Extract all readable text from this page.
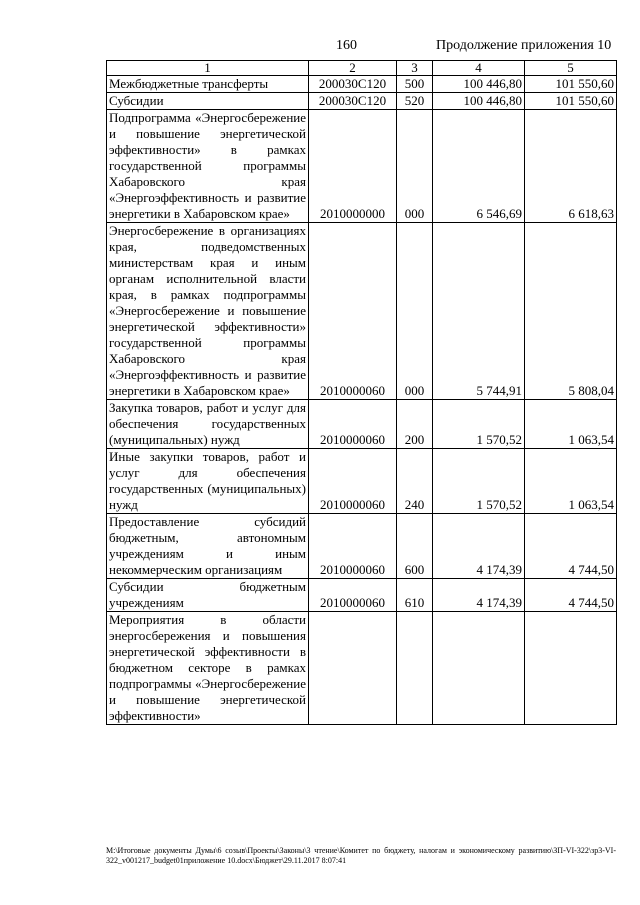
160	Продолжение приложения 10
1	2	3	4	5
Межбюджетные трансферты	200030С120	500	100 446,80	101 550,60
Субсидии	200030С120	520	100 446,80	101 550,60
Подпрограмма «Энергосбережение и повышение энергетической эффективности» в рамках государственной программы Хабаровского края «Энергоэффективность и развитие энергетики в Хабаровском крае»	2010000000	000	6 546,69	6 618,63
Энергосбережение в организациях края, подведомственных министерствам края и иным органам исполнительной власти края, в рамках подпрограммы «Энергосбережение и повышение энергетической эффективности» государственной программы Хабаровского края «Энергоэффективность и развитие энергетики в Хабаровском крае»	2010000060	000	5 744,91	5 808,04
Закупка товаров, работ и услуг для обеспечения государственных (муниципальных) нужд	2010000060	200	1 570,52	1 063,54
Иные закупки товаров, работ и услуг для обеспечения государственных (муниципальных) нужд	2010000060	240	1 570,52	1 063,54
Предоставление субсидий бюджетным, автономным учреждениям и иным некоммерческим организациям	2010000060	600	4 174,39	4 744,50
Субсидии бюджетным учреждениям	2010000060	610	4 174,39	4 744,50
Мероприятия в области энергосбережения и повышения энергетической эффективности в бюджетном секторе в рамках подпрограммы «Энергосбережение и повышение энергетической эффективности»				
M:\Итоговые документы Думы\6 созыв\Проекты\Законы\3 чтение\Комитет по бюджету, налогам и экономическому развитию\ЗП-VI-322\зр3-VI-322_v001217_budget01приложение 10.docx\Бюджет\29.11.2017 8:07:41
